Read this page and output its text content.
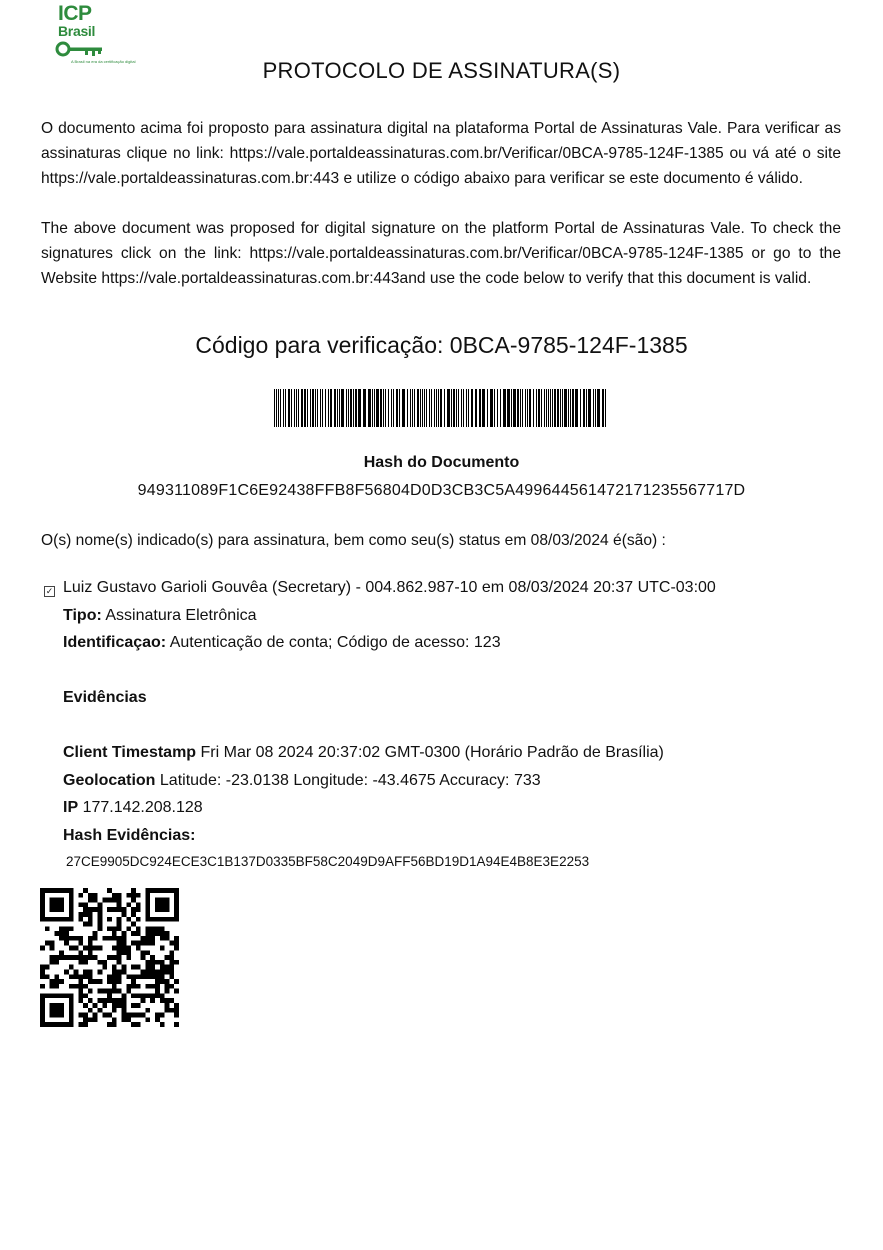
ICP
Brasil
A Brasil na era da certificação digital	PROTOCOLO DE ASSINATURA(S)

O documento acima foi proposto para assinatura digital na plataforma Portal de Assinaturas Vale. Para verificar as assinaturas clique no link: https://vale.portaldeassinaturas.com.br/Verificar/0BCA-9785-124F-1385 ou vá até o site https://vale.portaldeassinaturas.com.br:443 e utilize o código abaixo para verificar se este documento é válido.

The above document was proposed for digital signature on the platform Portal de Assinaturas Vale. To check the signatures click on the link: https://vale.portaldeassinaturas.com.br/Verificar/0BCA-9785-124F-1385 or go to the Website https://vale.portaldeassinaturas.com.br:443and use the code below to verify that this document is valid.

Código para verificação: 0BCA-9785-124F-1385
Hash do Documento
949311089F1C6E92438FFB8F56804D0D3CB3C5A499644561472171235567717D
O(s) nome(s) indicado(s) para assinatura, bem como seu(s) status em 08/03/2024 é(são) :
✓ Luiz Gustavo Garioli Gouvêa (Secretary) - 004.862.987-10 em 08/03/2024 20:37 UTC-03:00
Tipo: Assinatura Eletrônica
Identificaçao: Autenticação de conta; Código de acesso: 123
Evidências
Client Timestamp Fri Mar 08 2024 20:37:02 GMT-0300 (Horário Padrão de Brasília)
Geolocation Latitude: -23.0138 Longitude: -43.4675 Accuracy: 733
IP 177.142.208.128
Hash Evidências:
27CE9905DC924ECE3C1B137D0335BF58C2049D9AFF56BD19D1A94E4B8E3E2253
